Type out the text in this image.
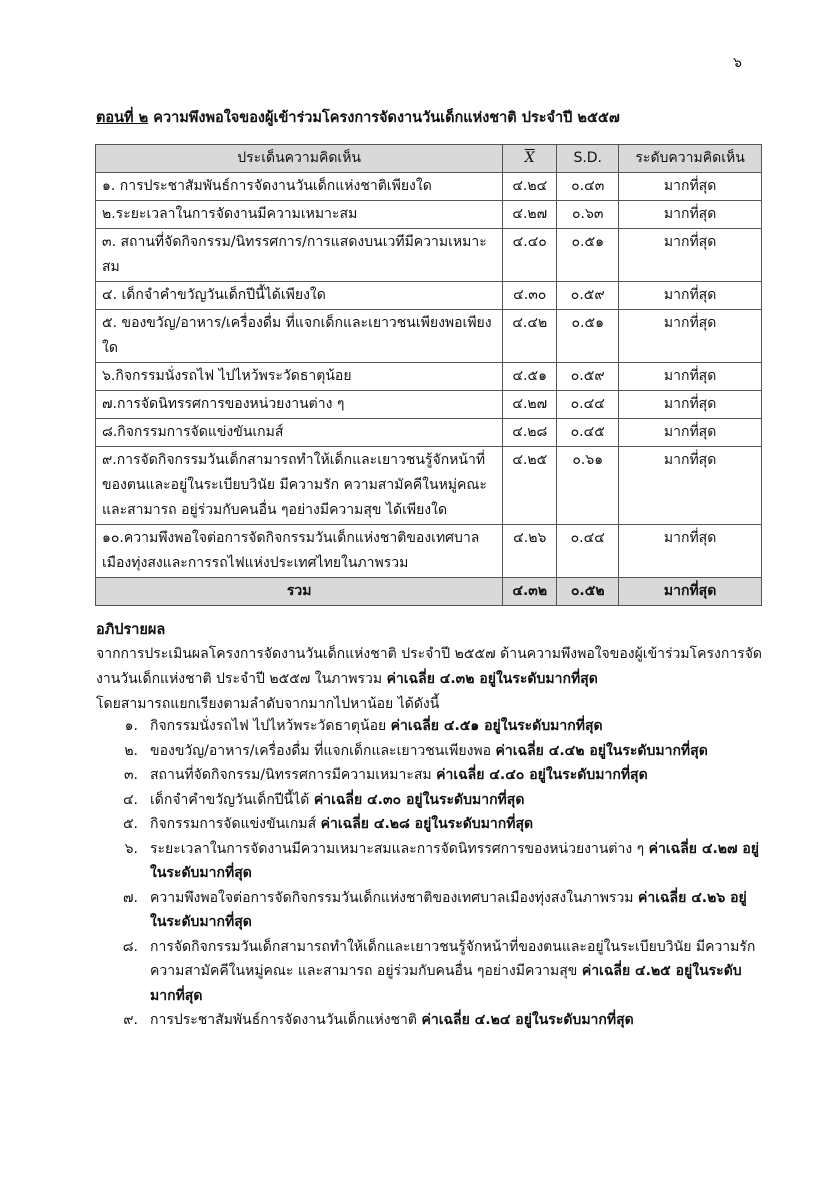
๖
ตอนที่ ๒ ความพึงพอใจของผู้เข้าร่วมโครงการจัดงานวันเด็กแห่งชาติ ประจำปี ๒๕๕๗
ประเด็นความคิดเห็น	$\overline{X}$	S.D.	ระดับความคิดเห็น
๑. การประชาสัมพันธ์การจัดงานวันเด็กแห่งชาติเพียงใด	๔.๒๔	๐.๔๓	มากที่สุด
๒.ระยะเวลาในการจัดงานมีความเหมาะสม	๔.๒๗	๐.๖๓	มากที่สุด
๓. สถานที่จัดกิจกรรม/นิทรรศการ/การแสดงบนเวทีมีความเหมาะสม	๔.๔๐	๐.๕๑	มากที่สุด
๔. เด็กจำคำขวัญวันเด็กปีนี้ได้เพียงใด	๔.๓๐	๐.๕๙	มากที่สุด
๕. ของขวัญ/อาหาร/เครื่องดื่ม ที่แจกเด็กและเยาวชนเพียงพอเพียงใด	๔.๔๒	๐.๕๑	มากที่สุด
๖.กิจกรรมนั่งรถไฟ ไปไหว้พระวัดธาตุน้อย	๔.๕๑	๐.๕๙	มากที่สุด
๗.การจัดนิทรรศการของหน่วยงานต่าง ๆ	๔.๒๗	๐.๔๔	มากที่สุด
๘.กิจกรรมการจัดแข่งขันเกมส์	๔.๒๘	๐.๔๕	มากที่สุด
๙.การจัดกิจกรรมวันเด็กสามารถทำให้เด็กและเยาวชนรู้จักหน้าที่ของตนและอยู่ในระเบียบวินัย มีความรัก ความสามัคคีในหมู่คณะ และสามารถ อยู่ร่วมกับคนอื่น ๆอย่างมีความสุข ได้เพียงใด	๔.๒๕	๐.๖๑	มากที่สุด
๑๐.ความพึงพอใจต่อการจัดกิจกรรมวันเด็กแห่งชาติของเทศบาลเมืองทุ่งสงและการรถไฟแห่งประเทศไทยในภาพรวม	๔.๒๖	๐.๔๔	มากที่สุด
รวม	๔.๓๒	๐.๕๒	มากที่สุด
อภิปรายผล

จากการประเมินผลโครงการจัดงานวันเด็กแห่งชาติ ประจำปี ๒๕๕๗ ด้านความพึงพอใจของผู้เข้าร่วมโครงการจัดงานวันเด็กแห่งชาติ ประจำปี ๒๕๕๗ ในภาพรวม ค่าเฉลี่ย ๔.๓๒ อยู่ในระดับมากที่สุด

โดยสามารถแยกเรียงตามลำดับจากมากไปหาน้อย ได้ดังนี้

๑. กิจกรรมนั่งรถไฟ ไปไหว้พระวัดธาตุน้อย ค่าเฉลี่ย ๔.๕๑ อยู่ในระดับมากที่สุด
๒. ของขวัญ/อาหาร/เครื่องดื่ม ที่แจกเด็กและเยาวชนเพียงพอ ค่าเฉลี่ย ๔.๔๒ อยู่ในระดับมากที่สุด
๓. สถานที่จัดกิจกรรม/นิทรรศการมีความเหมาะสม ค่าเฉลี่ย ๔.๔๐ อยู่ในระดับมากที่สุด
๔. เด็กจำคำขวัญวันเด็กปีนี้ได้ ค่าเฉลี่ย ๔.๓๐ อยู่ในระดับมากที่สุด
๕. กิจกรรมการจัดแข่งขันเกมส์ ค่าเฉลี่ย ๔.๒๘ อยู่ในระดับมากที่สุด
๖. ระยะเวลาในการจัดงานมีความเหมาะสมและการจัดนิทรรศการของหน่วยงานต่าง ๆ ค่าเฉลี่ย ๔.๒๗ อยู่ในระดับมากที่สุด
๗. ความพึงพอใจต่อการจัดกิจกรรมวันเด็กแห่งชาติของเทศบาลเมืองทุ่งสงในภาพรวม ค่าเฉลี่ย ๔.๒๖ อยู่ในระดับมากที่สุด
๘. การจัดกิจกรรมวันเด็กสามารถทำให้เด็กและเยาวชนรู้จักหน้าที่ของตนและอยู่ในระเบียบวินัย มีความรัก ความสามัคคีในหมู่คณะ และสามารถ อยู่ร่วมกับคนอื่น ๆอย่างมีความสุข ค่าเฉลี่ย ๔.๒๕ อยู่ในระดับมากที่สุด
๙. การประชาสัมพันธ์การจัดงานวันเด็กแห่งชาติ ค่าเฉลี่ย ๔.๒๔ อยู่ในระดับมากที่สุด
